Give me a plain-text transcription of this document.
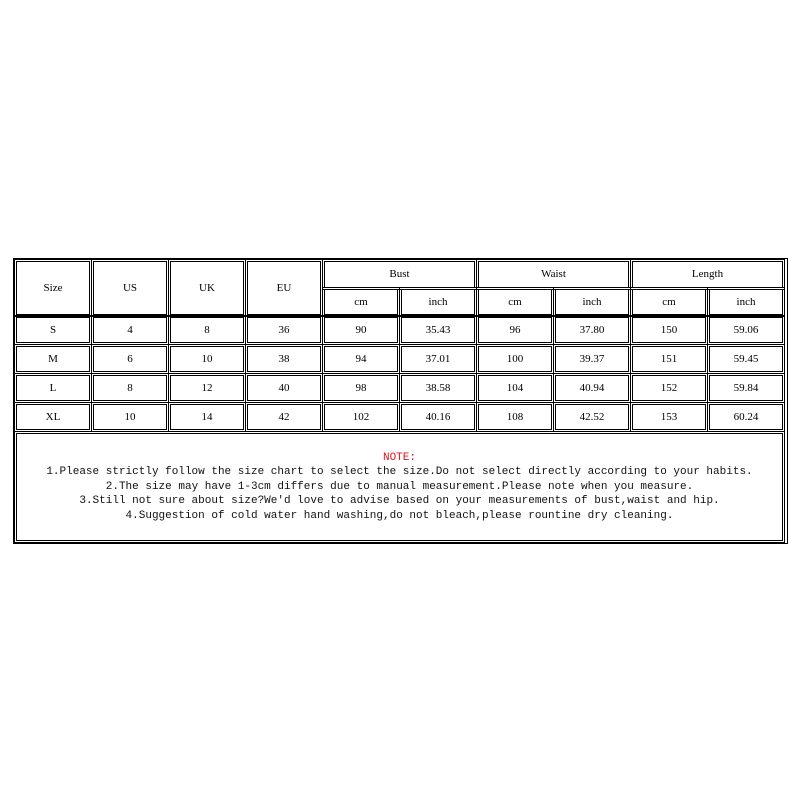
Size	US	UK	EU
Bust	Waist	Length
cm	inch	cm	inch	cm	inch
S	4	8	36	90	35.43	96	37.80	150	59.06
M	6	10	38	94	37.01	100	39.37	151	59.45
L	8	12	40	98	38.58	104	40.94	152	59.84
XL	10	14	42	102	40.16	108	42.52	153	60.24
NOTE:
1.Please strictly follow the size chart to select the size.Do not select directly according to your habits.
2.The size may have 1-3cm differs due to manual measurement.Please note when you measure.
3.Still not sure about size?We'd love to advise based on your measurements of bust,waist and hip.
4.Suggestion of cold water hand washing,do not bleach,please rountine dry cleaning.
